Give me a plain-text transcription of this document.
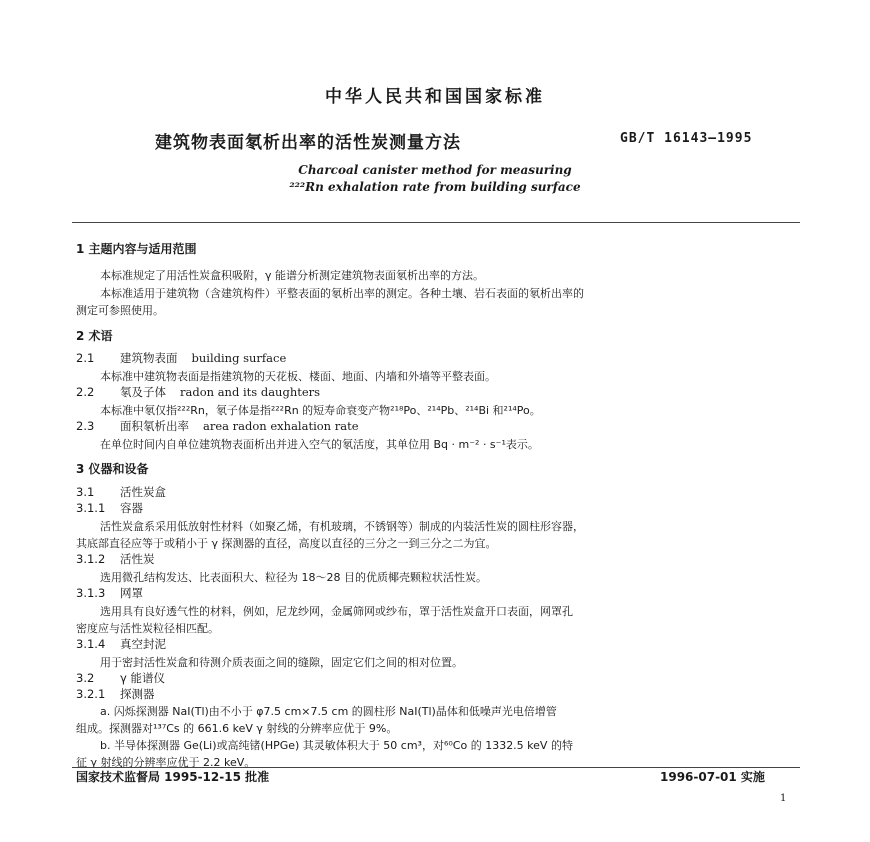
中华人民共和国国家标准
建筑物表面氡析出率的活性炭测量方法	GB/T 16143—1995
Charcoal canister method for measuring
²²²Rn exhalation rate from building surface
1 主题内容与适用范围
本标准规定了用活性炭盒积吸附，γ 能谱分析测定建筑物表面氡析出率的方法。
本标准适用于建筑物（含建筑构件）平整表面的氡析出率的测定。各种土壤、岩石表面的氡析出率的
测定可参照使用。
2 术语
2.1 建筑物表面 building surface
本标准中建筑物表面是指建筑物的天花板、楼面、地面、内墙和外墙等平整表面。
2.2 氡及子体 radon and its daughters
本标准中氡仅指²²²Rn，氡子体是指²²²Rn 的短寿命衰变产物²¹⁸Po、²¹⁴Pb、²¹⁴Bi 和²¹⁴Po。
2.3 面积氡析出率 area radon exhalation rate
在单位时间内自单位建筑物表面析出并进入空气的氡活度，其单位用 Bq · m⁻² · s⁻¹表示。
3 仪器和设备
3.1 活性炭盒
3.1.1 容器
活性炭盒系采用低放射性材料（如聚乙烯，有机玻璃，不锈钢等）制成的内装活性炭的圆柱形容器，
其底部直径应等于或稍小于 γ 探测器的直径，高度以直径的三分之一到三分之二为宜。
3.1.2 活性炭
选用微孔结构发达、比表面积大、粒径为 18～28 目的优质椰壳颗粒状活性炭。
3.1.3 网罩
选用具有良好透气性的材料，例如，尼龙纱网，金属筛网或纱布，罩于活性炭盒开口表面，网罩孔
密度应与活性炭粒径相匹配。
3.1.4 真空封泥
用于密封活性炭盒和待测介质表面之间的缝隙，固定它们之间的相对位置。
3.2 γ 能谱仪
3.2.1 探测器
a. 闪烁探测器 NaI(Tl)由不小于 φ7.5 cm×7.5 cm 的圆柱形 NaI(Tl)晶体和低噪声光电倍增管
组成。探测器对¹³⁷Cs 的 661.6 keV γ 射线的分辨率应优于 9%。
b. 半导体探测器 Ge(Li)或高纯锗(HPGe) 其灵敏体积大于 50 cm³，对⁶⁰Co 的 1332.5 keV 的特
征 γ 射线的分辨率应优于 2.2 keV。
国家技术监督局 1995-12-15 批准	1996-07-01 实施
1
